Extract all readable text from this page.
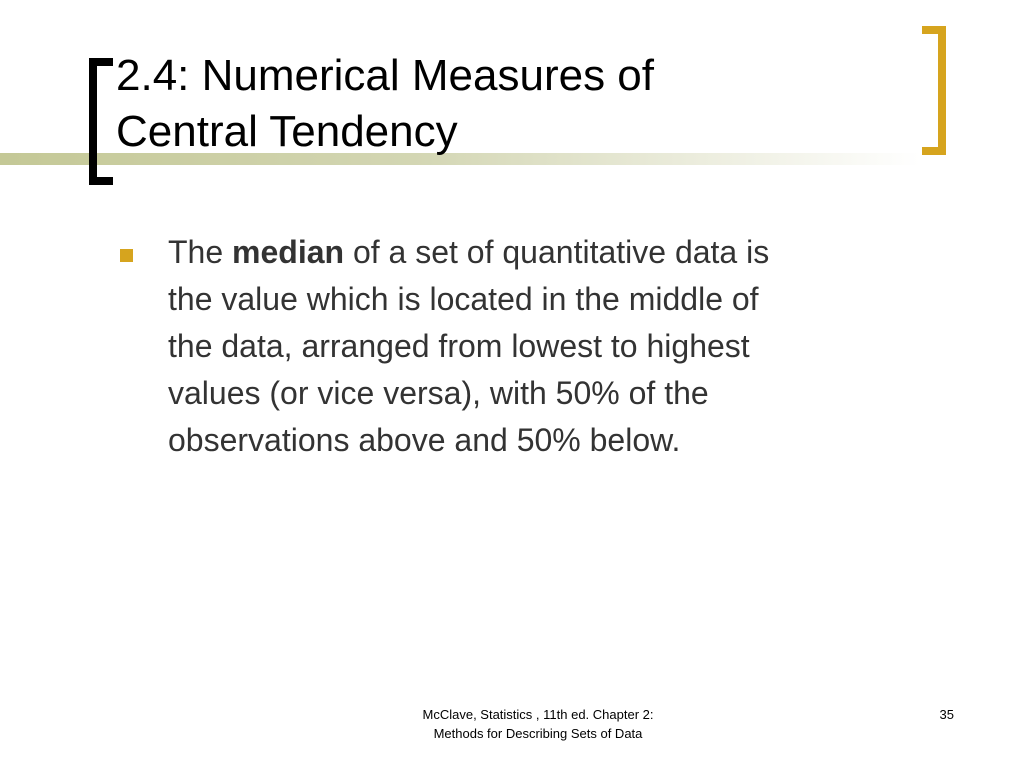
2.4: Numerical Measures of
Central Tendency
The median of a set of quantitative data is
the value which is located in the middle of
the data, arranged from lowest to highest
values (or vice versa), with 50% of the
observations above and 50% below.
McClave, Statistics , 11th ed. Chapter 2:
Methods for Describing Sets of Data
35
